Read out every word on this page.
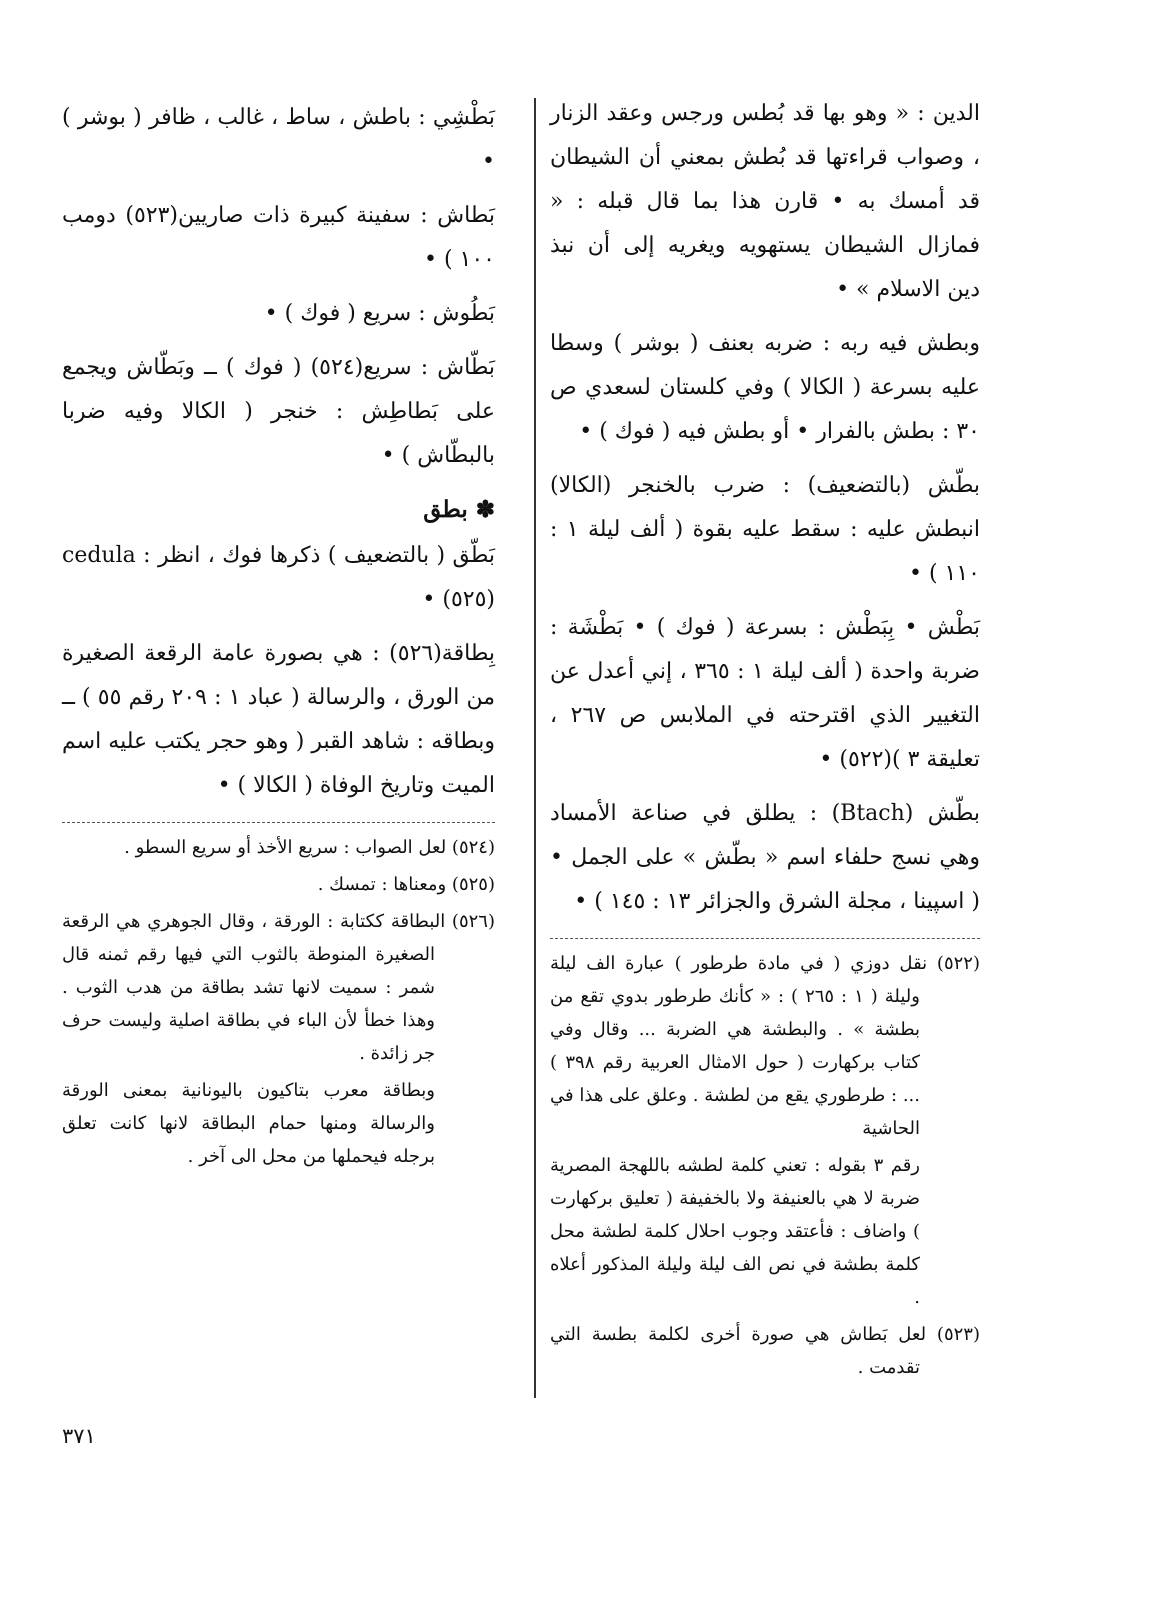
الدين : « وهو بها قد بُطس ورجس وعقد الزنار ، وصواب قراءتها قد بُطش بمعني أن الشيطان قد أمسك به • قارن هذا بما قال قبله : « فمازال الشيطان يستهويه ويغريه إلى أن نبذ دين الاسلام » •

وبطش فيه ربه : ضربه بعنف ( بوشر ) وسطا عليه بسرعة ( الكالا ) وفي كلستان لسعدي ص ٣٠ : بطش بالفرار • أو بطش فيه ( فوك ) •

بطّش (بالتضعيف) : ضرب بالخنجر (الكالا) انبطش عليه : سقط عليه بقوة ( ألف ليلة ١ : ١١٠ ) •

بَطْش • بِبَطْش : بسرعة ( فوك ) • بَطْشَة : ضربة واحدة ( ألف ليلة ١ : ٣٦٥ ، إني أعدل عن التغيير الذي اقترحته في الملابس ص ٢٦٧ ، تعليقة ٣ )(٥٢٢) •

بطّش (Btach) : يطلق في صناعة الأمساد وهي نسج حلفاء اسم « بطّش » على الجمل • ( اسپينا ، مجلة الشرق والجزائر ١٣ : ١٤٥ ) •

(٥٢٢) نقل دوزي ( في مادة طرطور ) عبارة الف ليلة وليلة ( ١ : ٢٦٥ ) : « كأنك طرطور بدوي تقع من بطشة » . والبطشة هي الضربة ... وقال وفي كتاب بركهارت ( حول الامثال العربية رقم ٣٩٨ ) ... : طرطوري يقع من لطشة . وعلق على هذا في الحاشية

رقم ٣ بقوله : تعني كلمة لطشه باللهجة المصرية ضربة لا هي بالعنيفة ولا بالخفيفة ( تعليق بركهارت ) واضاف : فأعتقد وجوب احلال كلمة لطشة محل كلمة بطشة في نص الف ليلة وليلة المذكور أعلاه .

(٥٢٣) لعل بَطاش هي صورة أخرى لكلمة بطسة التي تقدمت .

بَطْشِي : باطش ، ساط ، غالب ، ظافر ( بوشر ) •

بَطاش : سفينة كبيرة ذات صاريين(٥٢٣) دومب ١٠٠ ) •

بَطُوش : سريع ( فوك ) •

بَطّاش : سريع(٥٢٤) ( فوك ) ــ وبَطّاش ويجمع على بَطاطِش : خنجر ( الكالا وفيه ضربا بالبطّاش ) •

✽ بطق

بَطّق ( بالتضعيف ) ذكرها فوك ، انظر : cedula (٥٢٥) •

بِطاقة(٥٢٦) : هي بصورة عامة الرقعة الصغيرة من الورق ، والرسالة ( عباد ١ : ٢٠٩ رقم ٥٥ ) ــ وبطاقه : شاهد القبر ( وهو حجر يكتب عليه اسم الميت وتاريخ الوفاة ( الكالا ) •

(٥٢٤) لعل الصواب : سريع الأخذ أو سريع السطو .

(٥٢٥) ومعناها : تمسك .

(٥٢٦) البطاقة ككتابة : الورقة ، وقال الجوهري هي الرقعة الصغيرة المنوطة بالثوب التي فيها رقم ثمنه قال شمر : سميت لانها تشد بطاقة من هدب الثوب . وهذا خطأ لأن الباء في بطاقة اصلية وليست حرف جر زائدة .

وبطاقة معرب بتاكيون باليونانية بمعنى الورقة والرسالة ومنها حمام البطاقة لانها كانت تعلق برجله فيحملها من محل الى آخر .

٣٧١
